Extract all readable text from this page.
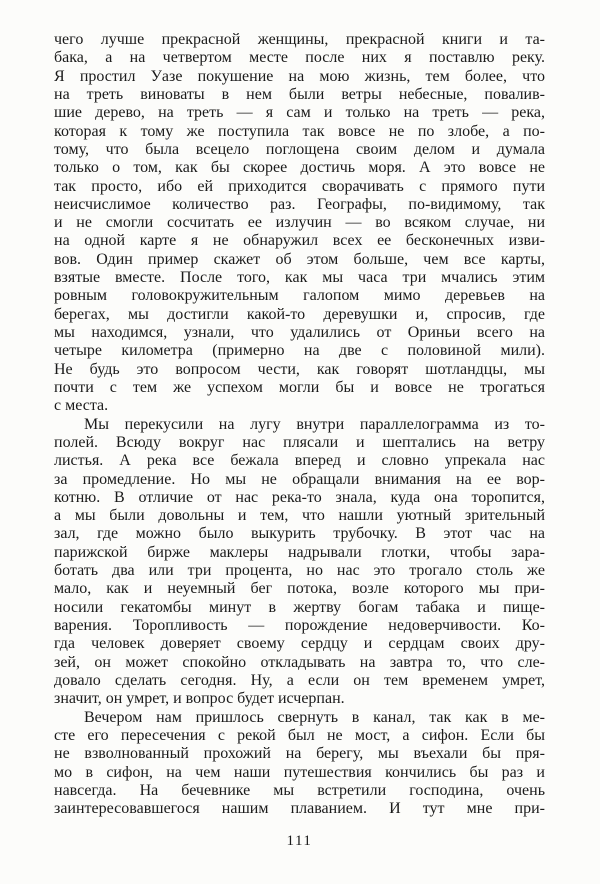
чего лучше прекрасной женщины, прекрасной книги и та-
бака, а на четвертом месте после них я поставлю реку.
Я простил Уазе покушение на мою жизнь, тем более, что
на треть виноваты в нем были ветры небесные, повалив-
шие дерево, на треть — я сам и только на треть — река,
которая к тому же поступила так вовсе не по злобе, а по-
тому, что была всецело поглощена своим делом и думала
только о том, как бы скорее достичь моря. А это вовсе не
так просто, ибо ей приходится сворачивать с прямого пути
неисчислимое количество раз. Географы, по-видимому, так
и не смогли сосчитать ее излучин — во всяком случае, ни
на одной карте я не обнаружил всех ее бесконечных изви-
вов. Один пример скажет об этом больше, чем все карты,
взятые вместе. После того, как мы часа три мчались этим
ровным головокружительным галопом мимо деревьев на
берегах, мы достигли какой-то деревушки и, спросив, где
мы находимся, узнали, что удалились от Ориньи всего на
четыре километра (примерно на две с половиной мили).
Не будь это вопросом чести, как говорят шотландцы, мы
почти с тем же успехом могли бы и вовсе не трогаться
с места.
Мы перекусили на лугу внутри параллелограмма из то-
полей. Всюду вокруг нас плясали и шептались на ветру
листья. А река все бежала вперед и словно упрекала нас
за промедление. Но мы не обращали внимания на ее вор-
котню. В отличие от нас река-то знала, куда она торопится,
а мы были довольны и тем, что нашли уютный зрительный
зал, где можно было выкурить трубочку. В этот час на
парижской бирже маклеры надрывали глотки, чтобы зара-
ботать два или три процента, но нас это трогало столь же
мало, как и неуемный бег потока, возле которого мы при-
носили гекатомбы минут в жертву богам табака и пище-
варения. Торопливость — порождение недоверчивости. Ко-
гда человек доверяет своему сердцу и сердцам своих дру-
зей, он может спокойно откладывать на завтра то, что сле-
довало сделать сегодня. Ну, а если он тем временем умрет,
значит, он умрет, и вопрос будет исчерпан.
Вечером нам пришлось свернуть в канал, так как в ме-
сте его пересечения с рекой был не мост, а сифон. Если бы
не взволнованный прохожий на берегу, мы въехали бы пря-
мо в сифон, на чем наши путешествия кончились бы раз и
навсегда. На бечевнике мы встретили господина, очень
заинтересовавшегося нашим плаванием. И тут мне при-
111
